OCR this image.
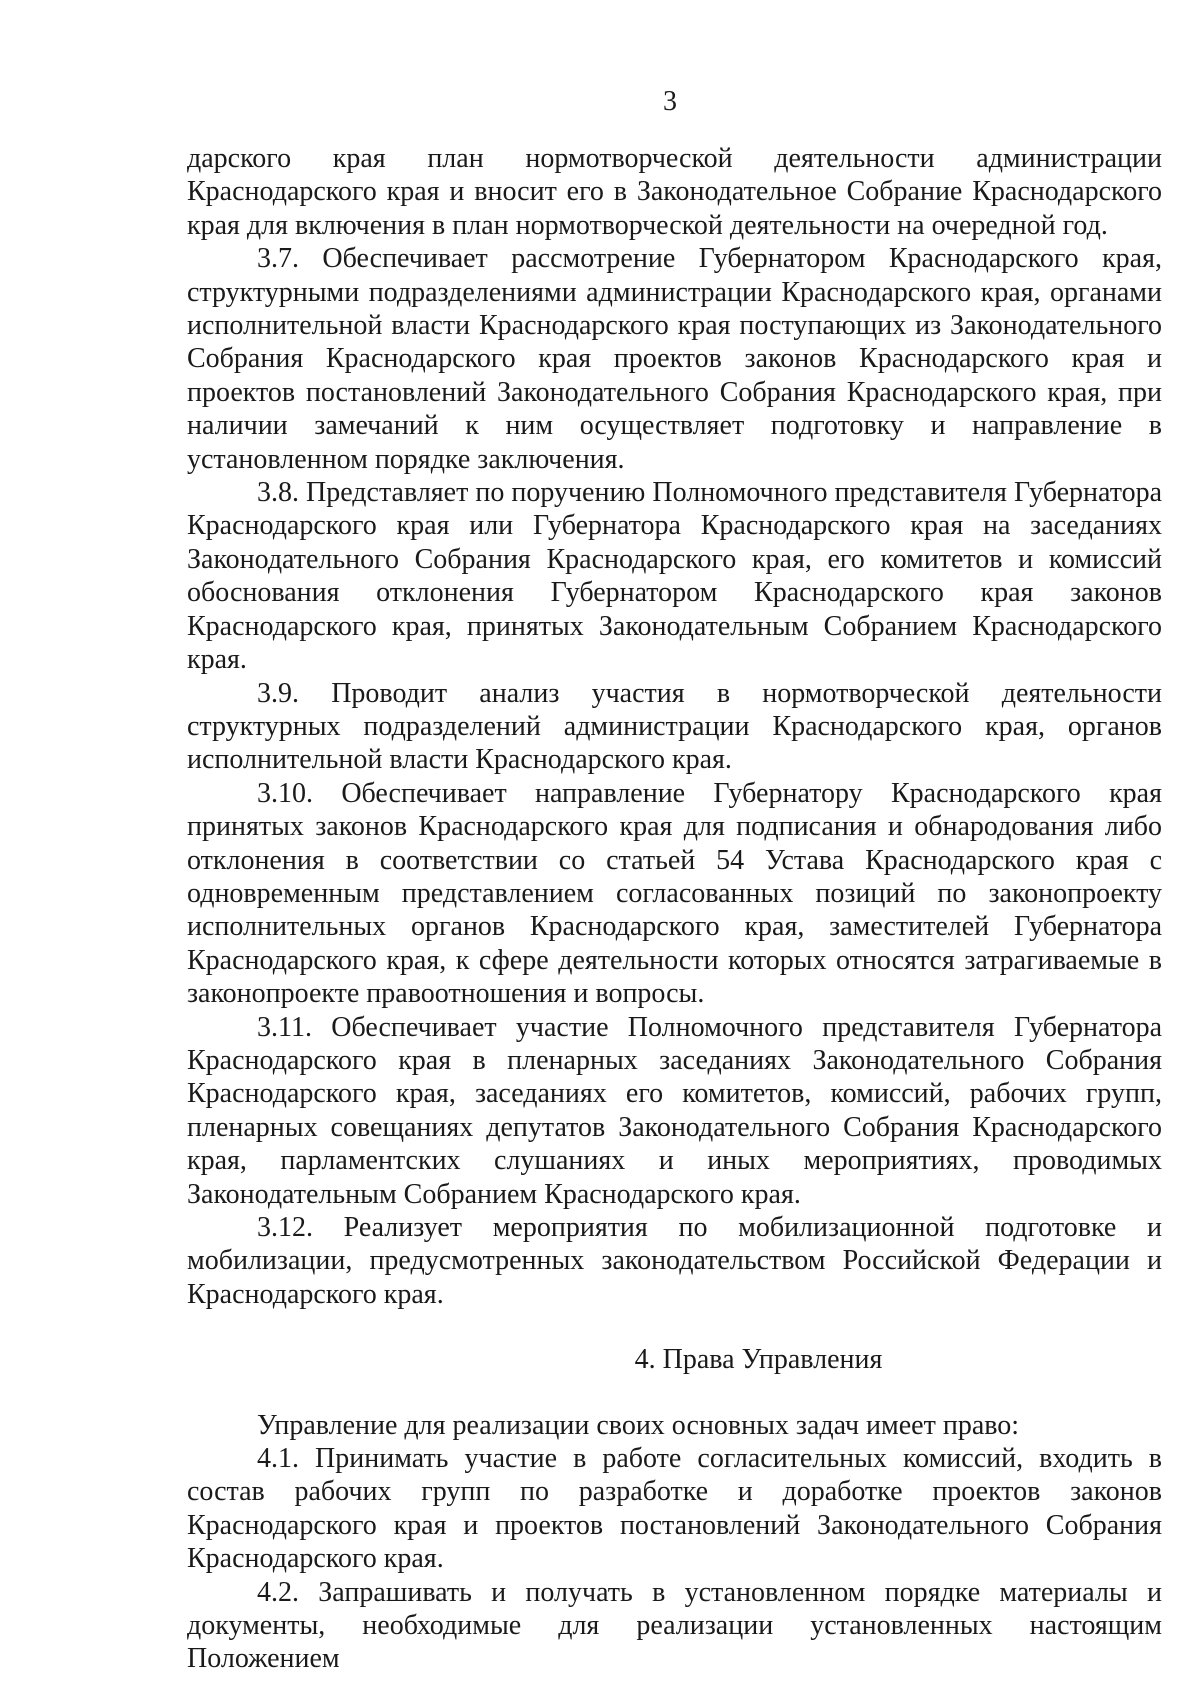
3

дарского края план нормотворческой деятельности администрации Краснодарского края и вносит его в Законодательное Собрание Краснодарского края для включения в план нормотворческой деятельности на очередной год.

3.7. Обеспечивает рассмотрение Губернатором Краснодарского края, структурными подразделениями администрации Краснодарского края, органами исполнительной власти Краснодарского края поступающих из Законодательного Собрания Краснодарского края проектов законов Краснодарского края и проектов постановлений Законодательного Собрания Краснодарского края, при наличии замечаний к ним осуществляет подготовку и направление в установленном порядке заключения.

3.8. Представляет по поручению Полномочного представителя Губернатора Краснодарского края или Губернатора Краснодарского края на заседаниях Законодательного Собрания Краснодарского края, его комитетов и комиссий обоснования отклонения Губернатором Краснодарского края законов Краснодарского края, принятых Законодательным Собранием Краснодарского края.

3.9. Проводит анализ участия в нормотворческой деятельности структурных подразделений администрации Краснодарского края, органов исполнительной власти Краснодарского края.

3.10. Обеспечивает направление Губернатору Краснодарского края принятых законов Краснодарского края для подписания и обнародования либо отклонения в соответствии со статьей 54 Устава Краснодарского края с одновременным представлением согласованных позиций по законопроекту исполнительных органов Краснодарского края, заместителей Губернатора Краснодарского края, к сфере деятельности которых относятся затрагиваемые в законопроекте правоотношения и вопросы.

3.11. Обеспечивает участие Полномочного представителя Губернатора Краснодарского края в пленарных заседаниях Законодательного Собрания Краснодарского края, заседаниях его комитетов, комиссий, рабочих групп, пленарных совещаниях депутатов Законодательного Собрания Краснодарского края, парламентских слушаниях и иных мероприятиях, проводимых Законодательным Собранием Краснодарского края.

3.12. Реализует мероприятия по мобилизационной подготовке и мобилизации, предусмотренных законодательством Российской Федерации и Краснодарского края.

4. Права Управления

Управление для реализации своих основных задач имеет право:

4.1. Принимать участие в работе согласительных комиссий, входить в состав рабочих групп по разработке и доработке проектов законов Краснодарского края и проектов постановлений Законодательного Собрания Краснодарского края.

4.2. Запрашивать и получать в установленном порядке материалы и документы, необходимые для реализации установленных настоящим Положением
